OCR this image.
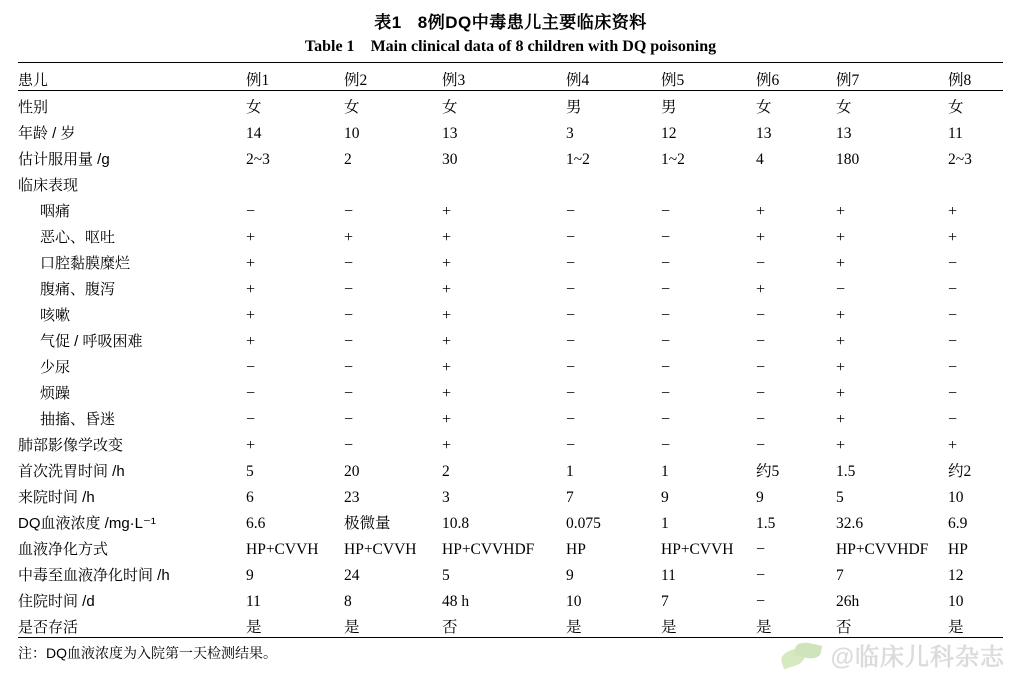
表1 8例DQ中毒患儿主要临床资料
Table 1 Main clinical data of 8 children with DQ poisoning
患儿	例1	例2	例3	例4	例5	例6	例7	例8
性别	女	女	女	男	男	女	女	女
年龄 / 岁	14	10	13	3	12	13	13	11
估计服用量 /g	2~3	2	30	1~2	1~2	4	180	2~3
临床表现								
咽痛	−	−	+	−	−	+	+	+
恶心、呕吐	+	+	+	−	−	+	+	+
口腔黏膜糜烂	+	−	+	−	−	−	+	−
腹痛、腹泻	+	−	+	−	−	+	−	−
咳嗽	+	−	+	−	−	−	+	−
气促 / 呼吸困难	+	−	+	−	−	−	+	−
少尿	−	−	+	−	−	−	+	−
烦躁	−	−	+	−	−	−	+	−
抽搐、昏迷	−	−	+	−	−	−	+	−
肺部影像学改变	+	−	+	−	−	−	+	+
首次洗胃时间 /h	5	20	2	1	1	约5	1.5	约2
来院时间 /h	6	23	3	7	9	9	5	10
DQ血液浓度 /mg·L⁻¹	6.6	极微量	10.8	0.075	1	1.5	32.6	6.9
血液净化方式	HP+CVVH	HP+CVVH	HP+CVVHDF	HP	HP+CVVH	−	HP+CVVHDF	HP
中毒至血液净化时间 /h	9	24	5	9	11	−	7	12
住院时间 /d	11	8	48 h	10	7	−	26h	10
是否存活	是	是	否	是	是	是	否	是
注：DQ血液浓度为入院第一天检测结果。	@临床儿科杂志
